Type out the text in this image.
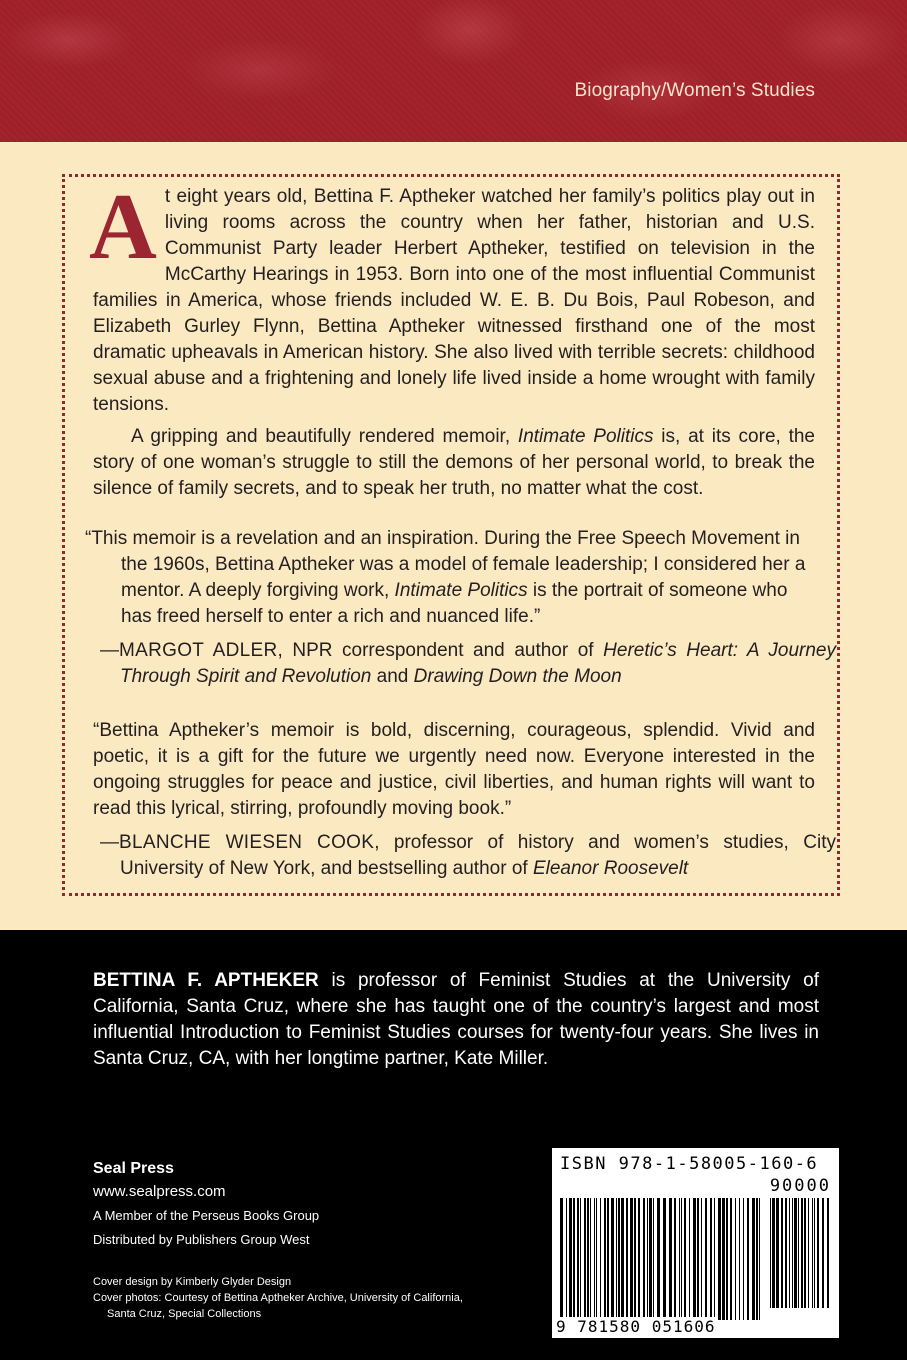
Biography/Women’s Studies
At eight years old, Bettina F. Aptheker watched her family’s politics play out in living rooms across the country when her father, historian and U.S. Communist Party leader Herbert Aptheker, testified on television in the McCarthy Hearings in 1953. Born into one of the most influential Communist families in America, whose friends included W. E. B. Du Bois, Paul Robeson, and Elizabeth Gurley Flynn, Bettina Aptheker witnessed firsthand one of the most dramatic upheavals in American history. She also lived with terrible secrets: childhood sexual abuse and a frightening and lonely life lived inside a home wrought with family tensions.
A gripping and beautifully rendered memoir, Intimate Politics is, at its core, the story of one woman’s struggle to still the demons of her personal world, to break the silence of family secrets, and to speak her truth, no matter what the cost.

“This memoir is a revelation and an inspiration. During the Free Speech Movement in the 1960s, Bettina Aptheker was a model of female leadership; I considered her a mentor. A deeply forgiving work, Intimate Politics is the portrait of someone who has freed herself to enter a rich and nuanced life.”

—MARGOT ADLER, NPR correspondent and author of Heretic’s Heart: A Journey Through Spirit and Revolution and Drawing Down the Moon
“Bettina Aptheker’s memoir is bold, discerning, courageous, splendid. Vivid and poetic, it is a gift for the future we urgently need now. Everyone interested in the ongoing struggles for peace and justice, civil liberties, and human rights will want to read this lyrical, stirring, profoundly moving book.”
—BLANCHE WIESEN COOK, professor of history and women’s studies, City University of New York, and bestselling author of Eleanor Roosevelt
BETTINA F. APTHEKER is professor of Feminist Studies at the University of California, Santa Cruz, where she has taught one of the country’s largest and most influential Introduction to Feminist Studies courses for twenty-four years. She lives in Santa Cruz, CA, with her longtime partner, Kate Miller.
Seal Press
www.sealpress.com
A Member of the Perseus Books Group
Distributed by Publishers Group West
Cover design by Kimberly Glyder Design
Cover photos: Courtesy of Bettina Aptheker Archive, University of California,
Santa Cruz, Special Collections
ISBN 978-1-58005-160-6
90000
9 781580 051606
